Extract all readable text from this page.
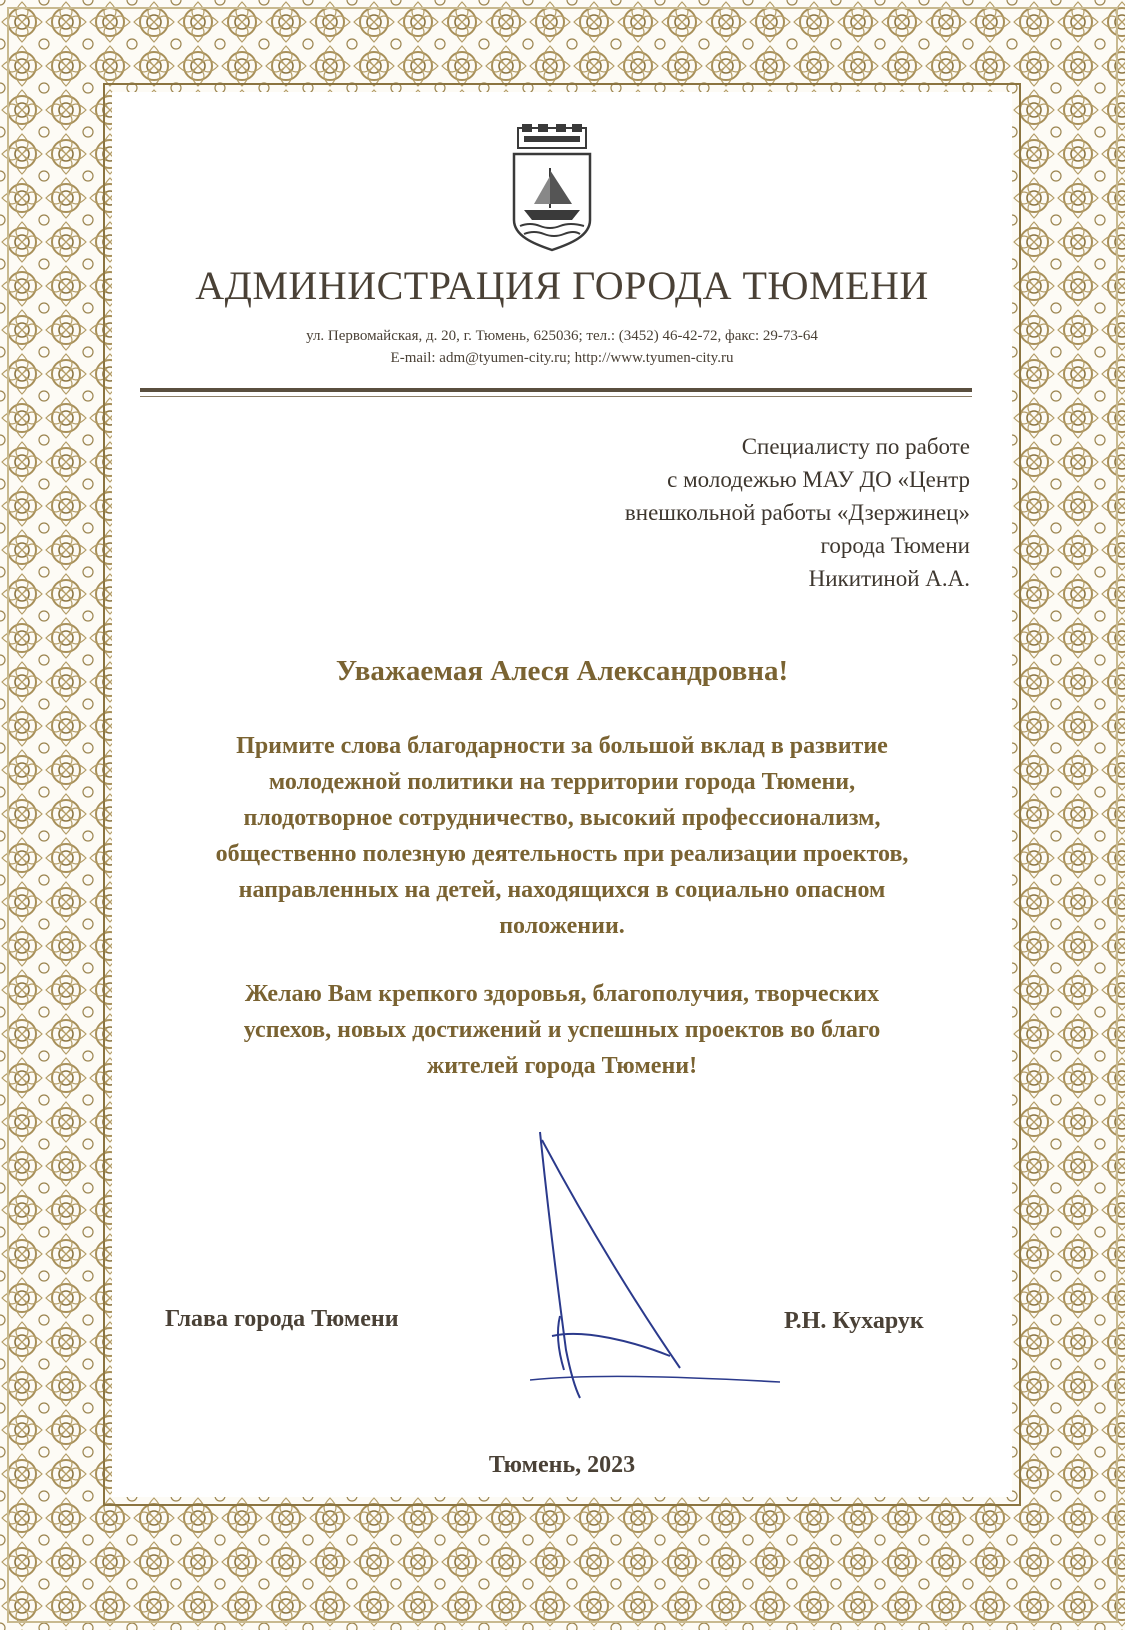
АДМИНИСТРАЦИЯ ГОРОДА ТЮМЕНИ
ул. Первомайская, д. 20, г. Тюмень, 625036; тел.: (3452) 46-42-72, факс: 29-73-64
E-mail: adm@tyumen-city.ru; http://www.tyumen-city.ru
Специалисту по работе
с молодежью МАУ ДО «Центр
внешкольной работы «Дзержинец»
города Тюмени
Никитиной А.А.
Уважаемая Алеся Александровна!
Примите слова благодарности за большой вклад в развитие
молодежной политики на территории города Тюмени,
плодотворное сотрудничество, высокий профессионализм,
общественно полезную деятельность при реализации проектов,
направленных на детей, находящихся в социально опасном
положении.
Желаю Вам крепкого здоровья, благополучия, творческих
успехов, новых достижений и успешных проектов во благо
жителей города Тюмени!
Глава города Тюмени	Р.Н. Кухарук
Тюмень, 2023
